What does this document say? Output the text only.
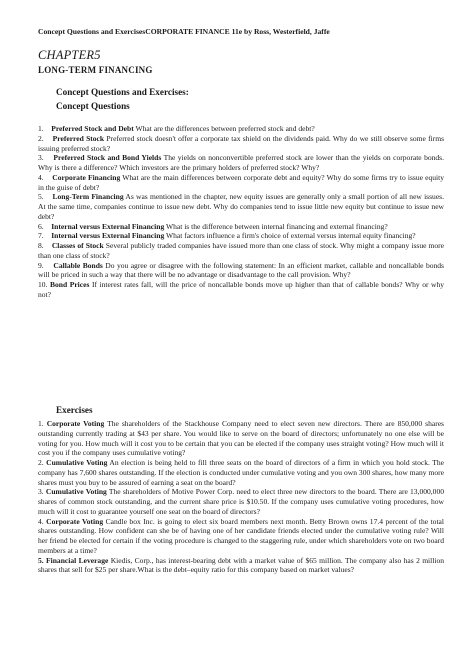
Concept Questions and ExercisesCORPORATE FINANCE 11e by Ross, Westerfield, Jaffe
CHAPTER5
LONG-TERM FINANCING
Concept Questions and Exercises:
Concept Questions
1. Preferred Stock and Debt What are the differences between preferred stock and debt?
2. Preferred Stock Preferred stock doesn't offer a corporate tax shield on the dividends paid. Why do we still observe some firms issuing preferred stock?
3. Preferred Stock and Bond Yields The yields on nonconvertible preferred stock are lower than the yields on corporate bonds. Why is there a difference? Which investors are the primary holders of preferred stock? Why?
4. Corporate Financing What are the main differences between corporate debt and equity? Why do some firms try to issue equity in the guise of debt?
5. Long-Term Financing As was mentioned in the chapter, new equity issues are generally only a small portion of all new issues. At the same time, companies continue to issue new debt. Why do companies tend to issue little new equity but continue to issue new debt?
6. Internal versus External Financing What is the difference between internal financing and external financing?
7. Internal versus External Financing What factors influence a firm's choice of external versus internal equity financing?
8. Classes of Stock Several publicly traded companies have issued more than one class of stock. Why might a company issue more than one class of stock?
9. Callable Bonds Do you agree or disagree with the following statement: In an efficient market, callable and noncallable bonds will be priced in such a way that there will be no advantage or disadvantage to the call provision. Why?
10. Bond Prices If interest rates fall, will the price of noncallable bonds move up higher than that of callable bonds? Why or why not?
Exercises
1. Corporate Voting The shareholders of the Stackhouse Company need to elect seven new directors. There are 850,000 shares outstanding currently trading at $43 per share. You would like to serve on the board of directors; unfortunately no one else will be voting for you. How much will it cost you to be certain that you can be elected if the company uses straight voting? How much will it cost you if the company uses cumulative voting?
2. Cumulative Voting An election is being held to fill three seats on the board of directors of a firm in which you hold stock. The company has 7,600 shares outstanding. If the election is conducted under cumulative voting and you own 300 shares, how many more shares must you buy to be assured of earning a seat on the board?
3. Cumulative Voting The shareholders of Motive Power Corp. need to elect three new directors to the board. There are 13,000,000 shares of common stock outstanding, and the current share price is $10.50. If the company uses cumulative voting procedures, how much will it cost to guarantee yourself one seat on the board of directors?
4. Corporate Voting Candle box Inc. is going to elect six board members next month. Betty Brown owns 17.4 percent of the total shares outstanding. How confident can she be of having one of her candidate friends elected under the cumulative voting rule? Will her friend be elected for certain if the voting procedure is changed to the staggering rule, under which shareholders vote on two board members at a time?
5. Financial Leverage Kiedis, Corp., has interest-bearing debt with a market value of $65 million. The company also has 2 million shares that sell for $25 per share.What is the debt–equity ratio for this company based on market values?
